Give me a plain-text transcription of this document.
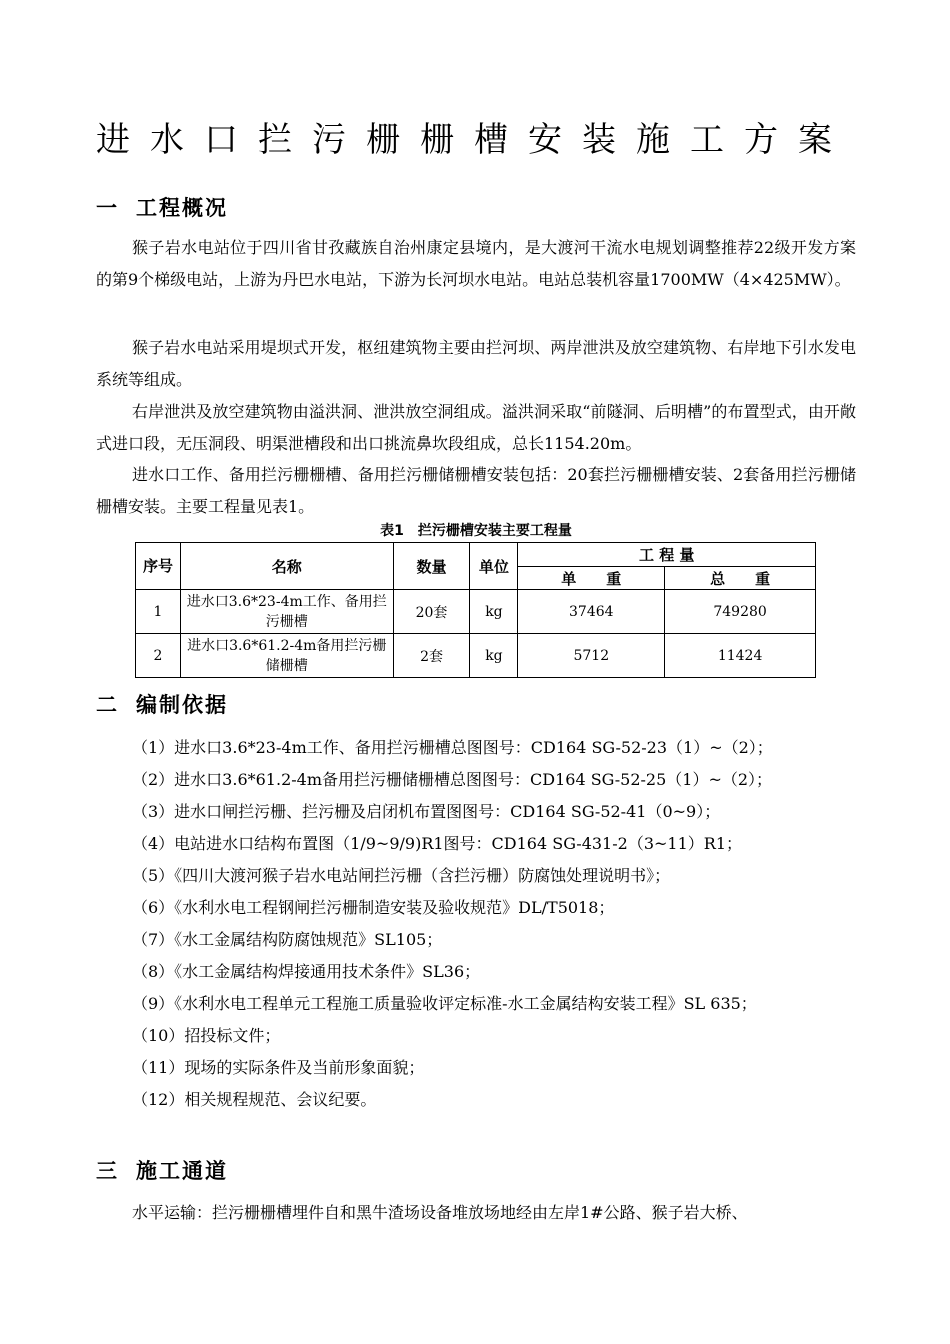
进水口拦污栅栅槽安装施工方案
一 工程概况
猴子岩水电站位于四川省甘孜藏族自治州康定县境内，是大渡河干流水电规划调整推荐22级开发方案的第9个梯级电站，上游为丹巴水电站，下游为长河坝水电站。电站总装机容量1700MW（4×425MW）。
猴子岩水电站采用堤坝式开发，枢纽建筑物主要由拦河坝、两岸泄洪及放空建筑物、右岸地下引水发电系统等组成。
右岸泄洪及放空建筑物由溢洪洞、泄洪放空洞组成。溢洪洞采取“前隧洞、后明槽”的布置型式，由开敞式进口段，无压洞段、明渠泄槽段和出口挑流鼻坎段组成，总长1154.20m。
进水口工作、备用拦污栅栅槽、备用拦污栅储栅槽安装包括：20套拦污栅栅槽安装、2套备用拦污栅储栅槽安装。主要工程量见表1。
表1　拦污栅槽安装主要工程量
序号	名称	数量	单位	工 程 量	
				单　　重	总　　重
1	进水口3.6*23-4m工作、备用拦污栅槽	20套	kg	37464	749280
2	进水口3.6*61.2-4m备用拦污栅储栅槽	2套	kg	5712	11424
二 编制依据
（1）进水口3.6*23-4m工作、备用拦污栅槽总图图号：CD164 SG-52-23（1）~（2）；
（2）进水口3.6*61.2-4m备用拦污栅储栅槽总图图号：CD164 SG-52-25（1）~（2）；
（3）进水口闸拦污栅、拦污栅及启闭机布置图图号：CD164 SG-52-41（0~9）；
（4）电站进水口结构布置图（1/9~9/9)R1图号：CD164 SG-431-2（3~11）R1；
（5）《四川大渡河猴子岩水电站闸拦污栅（含拦污栅）防腐蚀处理说明书》；
（6）《水利水电工程钢闸拦污栅制造安装及验收规范》DL/T5018；
（7）《水工金属结构防腐蚀规范》SL105；
（8）《水工金属结构焊接通用技术条件》SL36；
（9）《水利水电工程单元工程施工质量验收评定标准-水工金属结构安装工程》SL 635；
（10）招投标文件；
（11）现场的实际条件及当前形象面貌；
（12）相关规程规范、会议纪要。
三 施工通道
水平运输：拦污栅栅槽埋件自和黑牛渣场设备堆放场地经由左岸1#公路、猴子岩大桥、
